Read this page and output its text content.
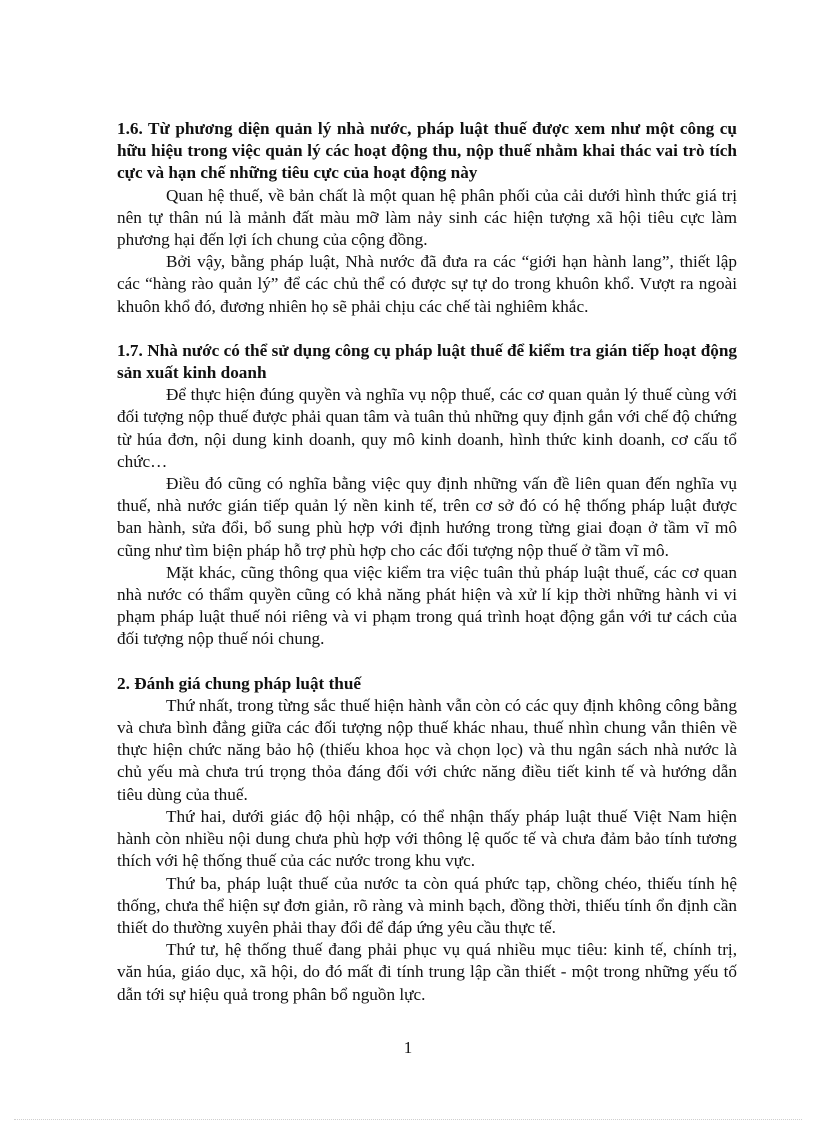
1.6. Từ phương diện quản lý nhà nước, pháp luật thuế được xem như một công cụ hữu hiệu trong việc quản lý các hoạt động thu, nộp thuế nhằm khai thác vai trò tích cực và hạn chế những tiêu cực của hoạt động này

Quan hệ thuế, về bản chất là một quan hệ phân phối của cải dưới hình thức giá trị nên tự thân nú là mảnh đất màu mỡ làm nảy sinh các hiện tượng xã hội tiêu cực làm phương hại đến lợi ích chung của cộng đồng.

Bởi vậy, bằng pháp luật, Nhà nước đã đưa ra các “giới hạn hành lang”, thiết lập các “hàng rào quản lý” để các chủ thể có được sự tự do trong khuôn khổ. Vượt ra ngoài khuôn khổ đó, đương nhiên họ sẽ phải chịu các chế tài nghiêm khắc.

1.7. Nhà nước có thể sử dụng công cụ pháp luật thuế để kiểm tra gián tiếp hoạt động sản xuất kinh doanh

Để thực hiện đúng quyền và nghĩa vụ nộp thuế, các cơ quan quản lý thuế cùng với đối tượng nộp thuế được phải quan tâm và tuân thủ những quy định gắn với chế độ chứng từ húa đơn, nội dung kinh doanh, quy mô kinh doanh, hình thức kinh doanh, cơ cấu tổ chức…

Điều đó cũng có nghĩa bằng việc quy định những vấn đề liên quan đến nghĩa vụ thuế, nhà nước gián tiếp quản lý nền kinh tế, trên cơ sở đó có hệ thống pháp luật được ban hành, sửa đổi, bổ sung phù hợp với định hướng trong từng giai đoạn ở tầm vĩ mô cũng như tìm biện pháp hỗ trợ phù hợp cho các đối tượng nộp thuế ở tầm vĩ mô.

Mặt khác, cũng thông qua việc kiểm tra việc tuân thủ pháp luật thuế, các cơ quan nhà nước có thẩm quyền cũng có khả năng phát hiện và xử lí kịp thời những hành vi vi phạm pháp luật thuế nói riêng và vi phạm trong quá trình hoạt động gắn với tư cách của đối tượng nộp thuế nói chung.

2. Đánh giá chung pháp luật thuế

Thứ nhất, trong từng sắc thuế hiện hành vẫn còn có các quy định không công bằng và chưa bình đẳng giữa các đối tượng nộp thuế khác nhau, thuế nhìn chung vẫn thiên về thực hiện chức năng bảo hộ (thiếu khoa học và chọn lọc) và thu ngân sách nhà nước là chủ yếu mà chưa trú trọng thỏa đáng đối với chức năng điều tiết kinh tế và hướng dẫn tiêu dùng của thuế.

Thứ hai, dưới giác độ hội nhập, có thể nhận thấy pháp luật thuế Việt Nam hiện hành còn nhiều nội dung chưa phù hợp với thông lệ quốc tế và chưa đảm bảo tính tương thích với hệ thống thuế của các nước trong khu vực.

Thứ ba, pháp luật thuế của nước ta còn quá phức tạp, chồng chéo, thiếu tính hệ thống, chưa thể hiện sự đơn giản, rõ ràng và minh bạch, đồng thời, thiếu tính ổn định cần thiết do thường xuyên phải thay đổi để đáp ứng yêu cầu thực tế.

Thứ tư, hệ thống thuế đang phải phục vụ quá nhiều mục tiêu: kinh tế, chính trị, văn húa, giáo dục, xã hội, do đó mất đi tính trung lập cần thiết - một trong những yếu tố dẫn tới sự hiệu quả trong phân bổ nguồn lực.

1
